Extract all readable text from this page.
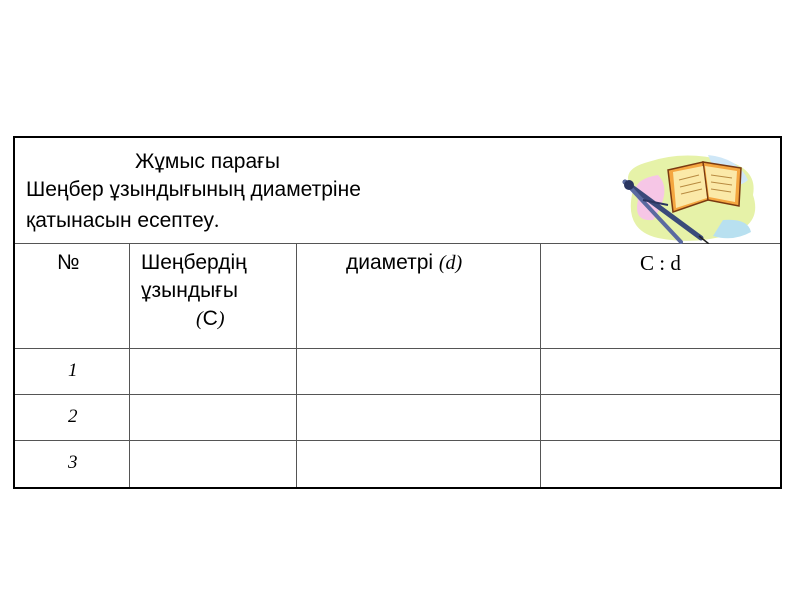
Жұмыс парағы
Шеңбер ұзындығының диаметріне
қатынасын есептеу.
№	Шеңбердің
ұзындығы
(С)
диаметрі (d)	C : d
1
2
3
